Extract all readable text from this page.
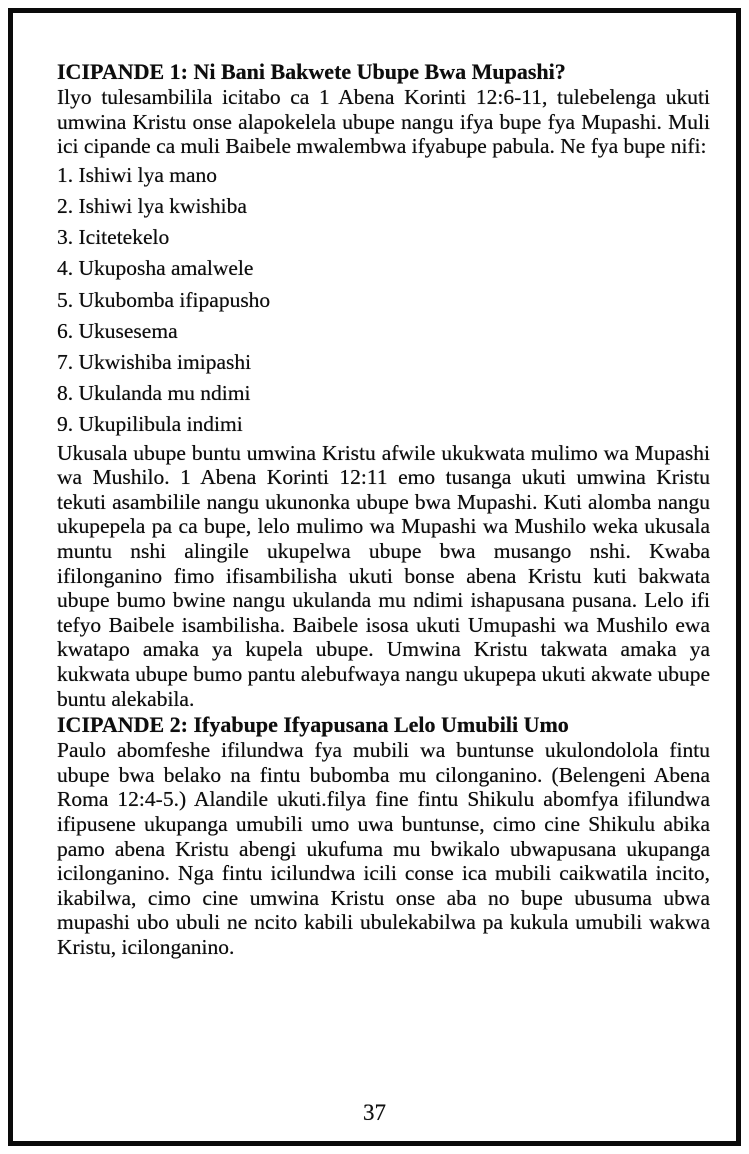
ICIPANDE 1: Ni Bani Bakwete Ubupe Bwa Mupashi?

Ilyo tulesambilila icitabo ca 1 Abena Korinti 12:6-11, tulebelenga ukuti umwina Kristu onse alapokelela ubupe nangu ifya bupe fya Mupashi. Muli ici cipande ca muli Baibele mwalembwa ifyabupe pabula. Ne fya bupe nifi:

1. Ishiwi lya mano
2. Ishiwi lya kwishiba
3. Icitetekelo
4. Ukuposha amalwele
5. Ukubomba ifipapusho
6. Ukusesema
7. Ukwishiba imipashi
8. Ukulanda mu ndimi
9. Ukupilibula indimi

Ukusala ubupe buntu umwina Kristu afwile ukukwata mulimo wa Mupashi wa Mushilo. 1 Abena Korinti 12:11 emo tusanga ukuti umwina Kristu tekuti asambilile nangu ukunonka ubupe bwa Mupashi. Kuti alomba nangu ukupepela pa ca bupe, lelo mulimo wa Mupashi wa Mushilo weka ukusala muntu nshi alingile ukupelwa ubupe bwa musango nshi. Kwaba ifilonganino fimo ifisambilisha ukuti bonse abena Kristu kuti bakwata ubupe bumo bwine nangu ukulanda mu ndimi ishapusana pusana. Lelo ifi tefyo Baibele isambilisha. Baibele isosa ukuti Umupashi wa Mushilo ewa kwatapo amaka ya kupela ubupe. Umwina Kristu takwata amaka ya kukwata ubupe bumo pantu alebufwaya nangu ukupepa ukuti akwate ubupe buntu alekabila.

ICIPANDE 2: Ifyabupe Ifyapusana Lelo Umubili Umo

Paulo abomfeshe ifilundwa fya mubili wa buntunse ukulondolola fintu ubupe bwa belako na fintu bubomba mu cilonganino. (Belengeni Abena Roma 12:4-5.) Alandile ukuti.filya fine fintu Shikulu abomfya ifilundwa ifipusene ukupanga umubili umo uwa buntunse, cimo cine Shikulu abika pamo abena Kristu abengi ukufuma mu bwikalo ubwapusana ukupanga icilonganino. Nga fintu icilundwa icili conse ica mubili caikwatila incito, ikabilwa, cimo cine umwina Kristu onse aba no bupe ubusuma ubwa mupashi ubo ubuli ne ncito kabili ubulekabilwa pa kukula umubili wakwa Kristu, icilonganino.

37
